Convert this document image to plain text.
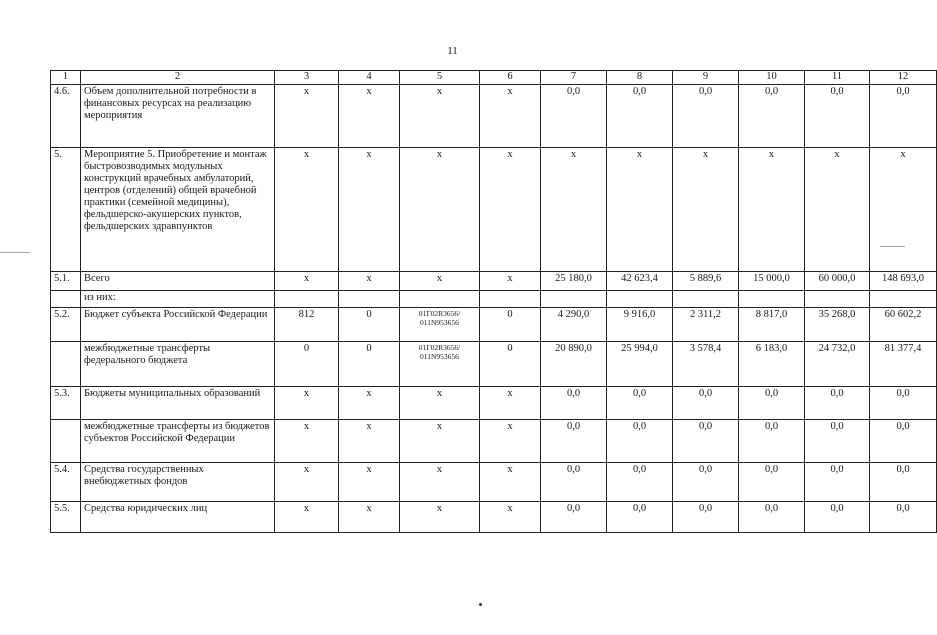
11
1	2	3	4	5	6	7	8	9	10	11	12
4.6.	Объем дополнительной потребности в финансовых ресурсах на реализацию мероприятия	x	x	x	x	0,0	0,0	0,0	0,0	0,0	0,0
5.	Мероприятие 5. Приобретение и монтаж быстровозводимых модульных конструкций врачебных амбулаторий, центров (отделений) общей врачебной практики (семейной медицины), фельдшерско-акушерских пунктов, фельдшерских здравпунктов	x	x	x	x	x	x	x	x	x	x
5.1.	Всего	x	x	x	x	25 180,0	42 623,4	5 889,6	15 000,0	60 000,0	148 693,0
	из них:										
5.2.	Бюджет субъекта Российской Федерации	812	0	01Г02R3656/ 011N953656	0	4 290,0	9 916,0	2 311,2	8 817,0	35 268,0	60 602,2
	межбюджетные трансферты федерального бюджета	0	0	01Г02R3656/ 011N953656	0	20 890,0	25 994,0	3 578,4	6 183,0	24 732,0	81 377,4
5.3.	Бюджеты муниципальных образований	x	x	x	x	0,0	0,0	0,0	0,0	0,0	0,0
	межбюджетные трансферты из бюджетов субъектов Российской Федерации	x	x	x	x	0,0	0,0	0,0	0,0	0,0	0,0
5.4.	Средства государственных внебюджетных фондов	x	x	x	x	0,0	0,0	0,0	0,0	0,0	0,0
5.5.	Средства юридических лиц	x	x	x	x	0,0	0,0	0,0	0,0	0,0	0,0
